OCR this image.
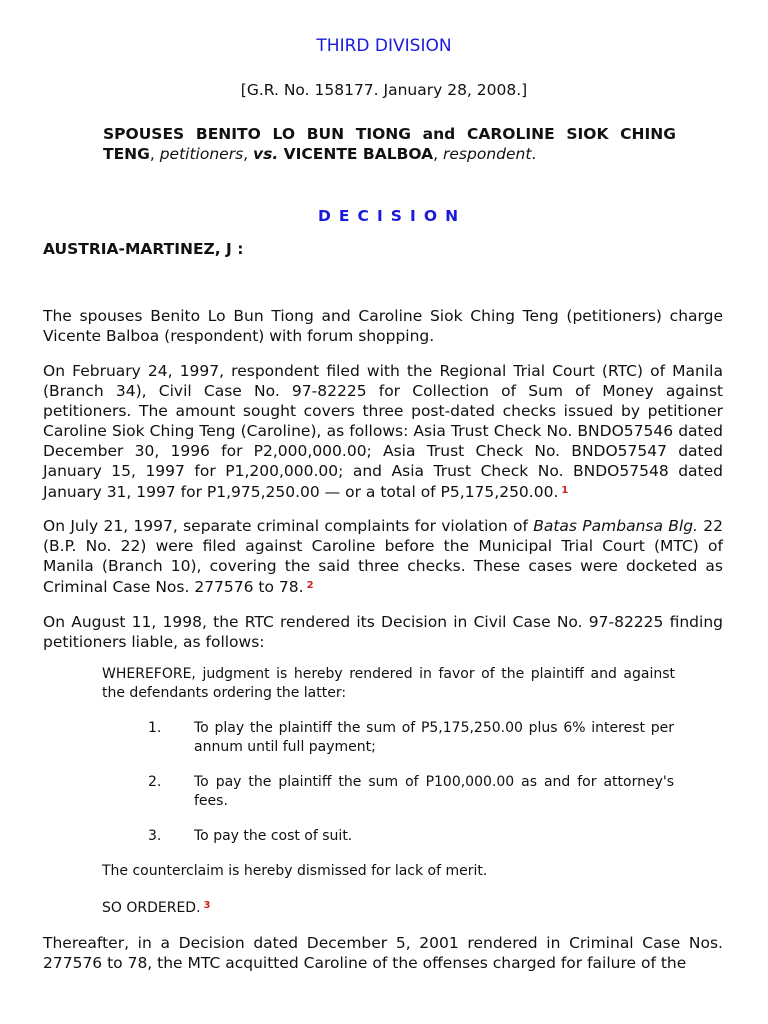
THIRD DIVISION
[G.R. No. 158177. January 28, 2008.]
SPOUSES BENITO LO BUN TIONG and CAROLINE SIOK CHING TENG, petitioners, vs. VICENTE BALBOA, respondent.
DECISION
AUSTRIA-MARTINEZ, J :
The spouses Benito Lo Bun Tiong and Caroline Siok Ching Teng (petitioners) charge Vicente Balboa (respondent) with forum shopping.
On February 24, 1997, respondent filed with the Regional Trial Court (RTC) of Manila (Branch 34), Civil Case No. 97-82225 for Collection of Sum of Money against petitioners. The amount sought covers three post-dated checks issued by petitioner Caroline Siok Ching Teng (Caroline), as follows: Asia Trust Check No. BNDO57546 dated December 30, 1996 for P2,000,000.00; Asia Trust Check No. BNDO57547 dated January 15, 1997 for P1,200,000.00; and Asia Trust Check No. BNDO57548 dated January 31, 1997 for P1,975,250.00 — or a total of P5,175,250.00. $^1$
On July 21, 1997, separate criminal complaints for violation of Batas Pambansa Blg. 22 (B.P. No. 22) were filed against Caroline before the Municipal Trial Court (MTC) of Manila (Branch 10), covering the said three checks. These cases were docketed as Criminal Case Nos. 277576 to 78. $^2$
On August 11, 1998, the RTC rendered its Decision in Civil Case No. 97-82225 finding petitioners liable, as follows:
WHEREFORE, judgment is hereby rendered in favor of the plaintiff and against the defendants ordering the latter:
1. To play the plaintiff the sum of P5,175,250.00 plus 6% interest per annum until full payment;
2. To pay the plaintiff the sum of P100,000.00 as and for attorney's fees.
3. To pay the cost of suit.
The counterclaim is hereby dismissed for lack of merit.
SO ORDERED. $^3$
Thereafter, in a Decision dated December 5, 2001 rendered in Criminal Case Nos. 277576 to 78, the MTC acquitted Caroline of the offenses charged for failure of the
